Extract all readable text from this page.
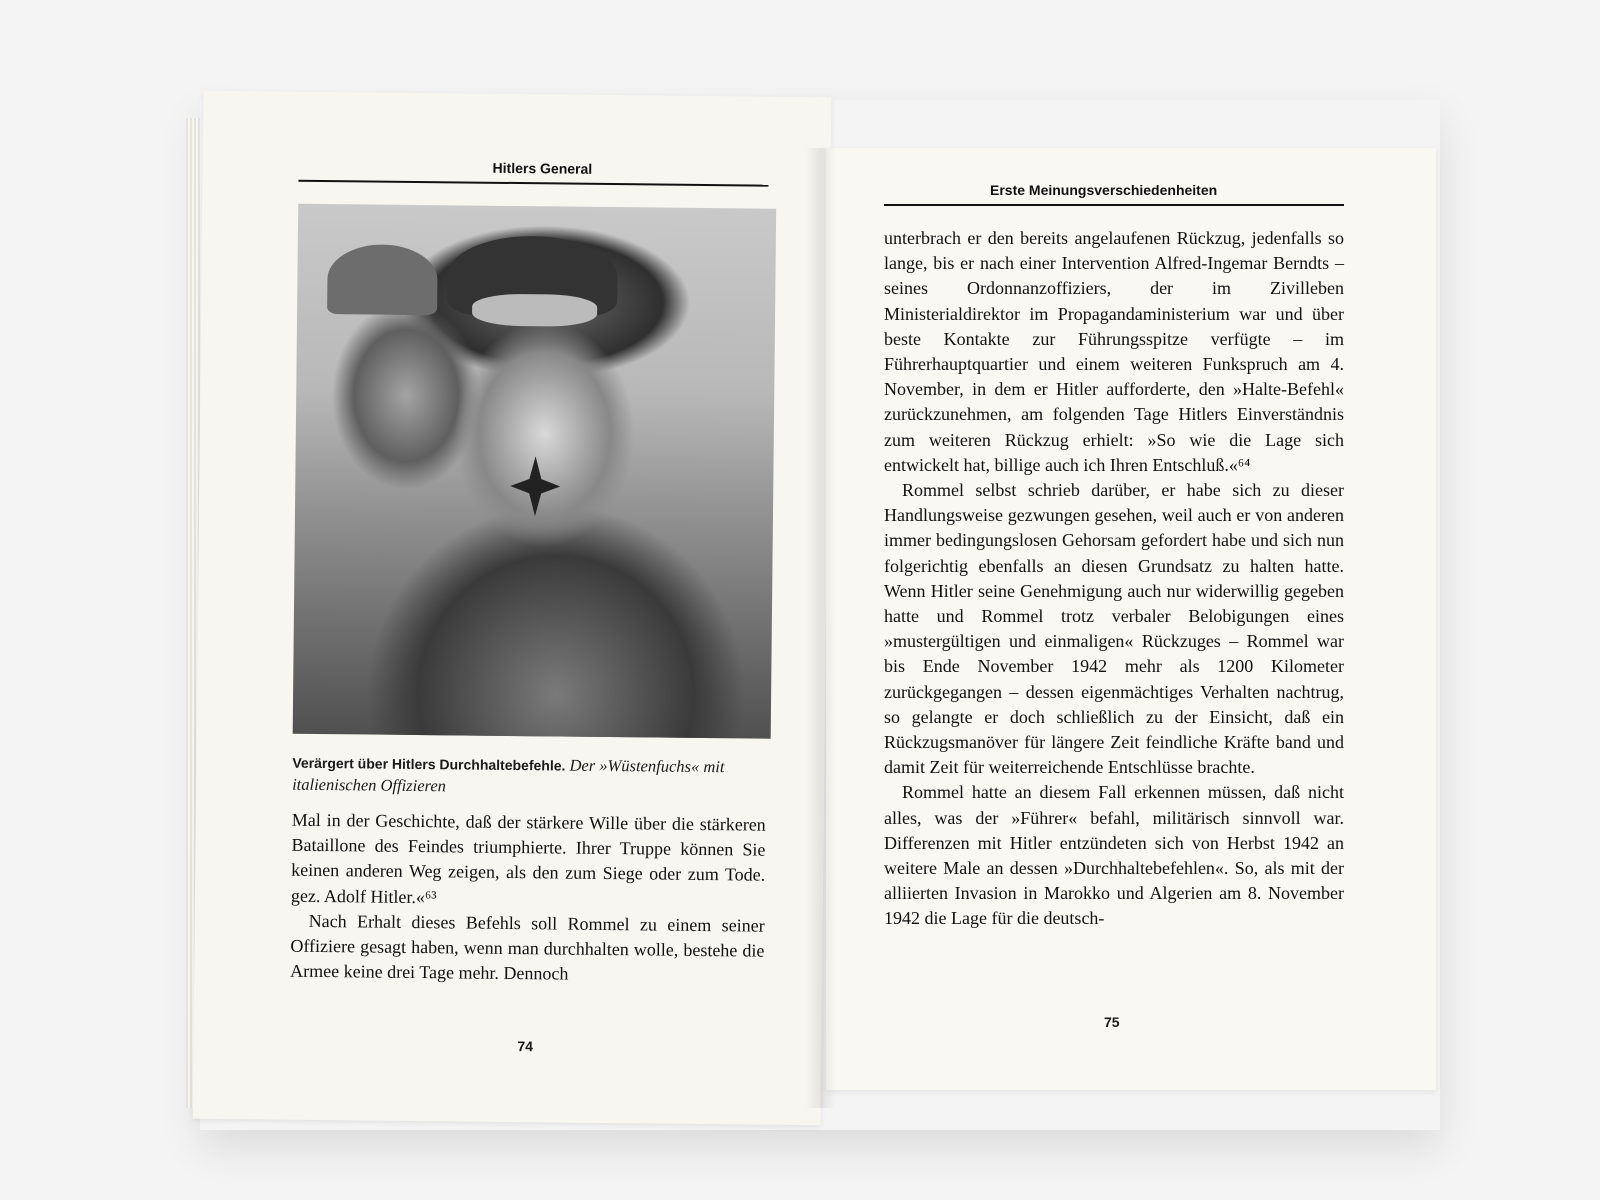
Hitlers General
Verärgert über Hitlers Durchhaltebefehle. Der »Wüstenfuchs« mit italienischen Offizieren

Mal in der Geschichte, daß der stärkere Wille über die stärkeren Bataillone des Feindes triumphierte. Ihrer Truppe können Sie keinen anderen Weg zeigen, als den zum Siege oder zum Tode. gez. Adolf Hitler.«⁶³

Nach Erhalt dieses Befehls soll Rommel zu einem seiner Offiziere gesagt haben, wenn man durchhalten wolle, bestehe die Armee keine drei Tage mehr. Dennoch

74
Erste Meinungsverschiedenheiten

unterbrach er den bereits angelaufenen Rückzug, jedenfalls so lange, bis er nach einer Intervention Alfred-Ingemar Berndts – seines Ordonnanzoffiziers, der im Zivilleben Ministerialdirektor im Propagandaministerium war und über beste Kontakte zur Führungsspitze verfügte – im Führerhauptquartier und einem weiteren Funkspruch am 4. November, in dem er Hitler aufforderte, den »Halte-Befehl« zurückzunehmen, am folgenden Tage Hitlers Einverständnis zum weiteren Rückzug erhielt: »So wie die Lage sich entwickelt hat, billige auch ich Ihren Entschluß.«⁶⁴

Rommel selbst schrieb darüber, er habe sich zu dieser Handlungsweise gezwungen gesehen, weil auch er von anderen immer bedingungslosen Gehorsam gefordert habe und sich nun folgerichtig ebenfalls an diesen Grundsatz zu halten hatte. Wenn Hitler seine Genehmigung auch nur widerwillig gegeben hatte und Rommel trotz verbaler Belobigungen eines »mustergültigen und einmaligen« Rückzuges – Rommel war bis Ende November 1942 mehr als 1200 Kilometer zurückgegangen – dessen eigenmächtiges Verhalten nachtrug, so gelangte er doch schließlich zu der Einsicht, daß ein Rückzugsmanöver für längere Zeit feindliche Kräfte band und damit Zeit für weiterreichende Entschlüsse brachte.

Rommel hatte an diesem Fall erkennen müssen, daß nicht alles, was der »Führer« befahl, militärisch sinnvoll war. Differenzen mit Hitler entzündeten sich von Herbst 1942 an weitere Male an dessen »Durchhaltebefehlen«. So, als mit der alliierten Invasion in Marokko und Algerien am 8. November 1942 die Lage für die deutsch-

75
